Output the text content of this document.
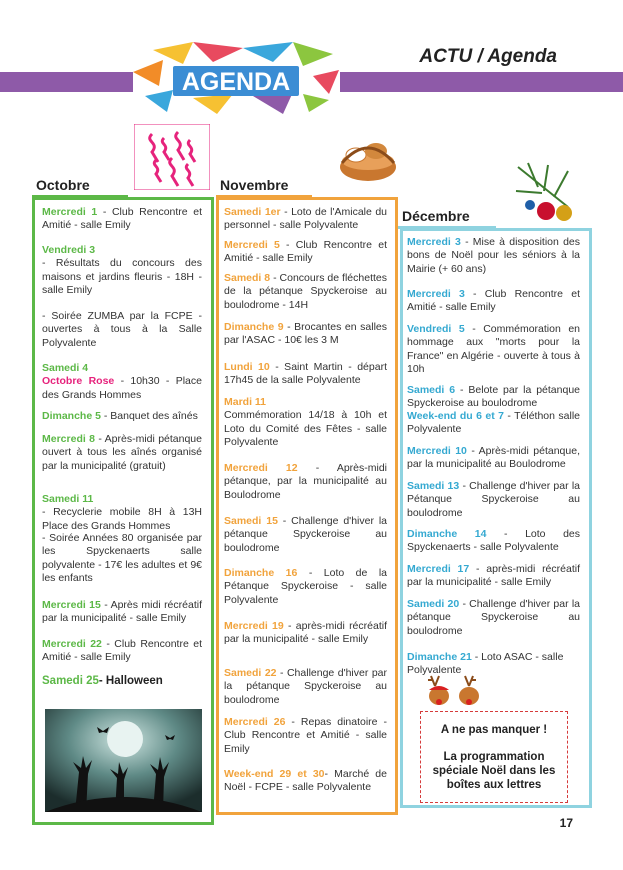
AGENDA
ACTU / Agenda
Octobre	Novembre
Décembre
Mercredi 1 - Club Rencontre et Amitié - salle Emily
Vendredi 3
- Résultats du concours des maisons et jardins fleuris - 18H - salle Emily
- Soirée ZUMBA par la FCPE - ouvertes à tous à la Salle Polyvalente
Samedi 4
Octobre Rose - 10h30 - Place des Grands Hommes
Dimanche 5 - Banquet des aînés
Mercredi 8 - Après-midi pétanque ouvert à tous les aînés organisé par la municipalité (gratuit)
Samedi 11
- Recyclerie mobile 8H à 13H Place des Grands Hommes
- Soirée Années 80 organisée par les Spyckenaerts salle polyvalente - 17€ les adultes et 9€ les enfants
Mercredi 15 - Après midi récréatif par la municipalité - salle Emily
Mercredi 22 - Club Rencontre et Amitié - salle Emily
Samedi 25- Halloween
Samedi 1er - Loto de l'Amicale du personnel - salle Polyvalente
Mercredi 5 - Club Rencontre et Amitié - salle Emily
Samedi 8 - Concours de fléchettes de la pétanque Spyckeroise au boulodrome - 14H
Dimanche 9 - Brocantes en salles par l'ASAC - 10€ les 3 M
Lundi 10 - Saint Martin - départ 17h45 de la salle Polyvalente
Mardi 11
Commémoration 14/18 à 10h et Loto du Comité des Fêtes - salle Polyvalente
Mercredi 12 - Après-midi pétanque, par la municipalité au Boulodrome
Samedi 15 - Challenge d'hiver la pétanque Spyckeroise au boulodrome
Dimanche 16 - Loto de la Pétanque Spyckeroise - salle Polyvalente
Mercredi 19 - après-midi récréatif par la municipalité - salle Emily
Samedi 22 - Challenge d'hiver par la pétanque Spyckeroise au boulodrome
Mercredi 26 - Repas dinatoire - Club Rencontre et Amitié - salle Emily
Week-end 29 et 30- Marché de Noël - FCPE - salle Polyvalente
Mercredi 3 - Mise à disposition des bons de Noël pour les séniors à la Mairie (+ 60 ans)
Mercredi 3 - Club Rencontre et Amitié - salle Emily
Vendredi 5 - Commémoration en hommage aux "morts pour la France" en Algérie - ouverte à tous à 10h
Samedi 6 - Belote par la pétanque Spyckeroise au boulodrome
Week-end du 6 et 7 - Téléthon salle Polyvalente
Mercredi 10 - Après-midi pétanque, par la municipalité au Boulodrome
Samedi 13 - Challenge d'hiver par la Pétanque Spyckeroise au boulodrome
Dimanche 14 - Loto des Spyckenaerts - salle Polyvalente
Mercredi 17 - après-midi récréatif par la municipalité - salle Emily
Samedi 20 - Challenge d'hiver par la pétanque Spyckeroise au boulodrome
Dimanche 21 - Loto ASAC - salle Polyvalente
A ne pas manquer !
La programmation spéciale Noël dans les boîtes aux lettres
17
